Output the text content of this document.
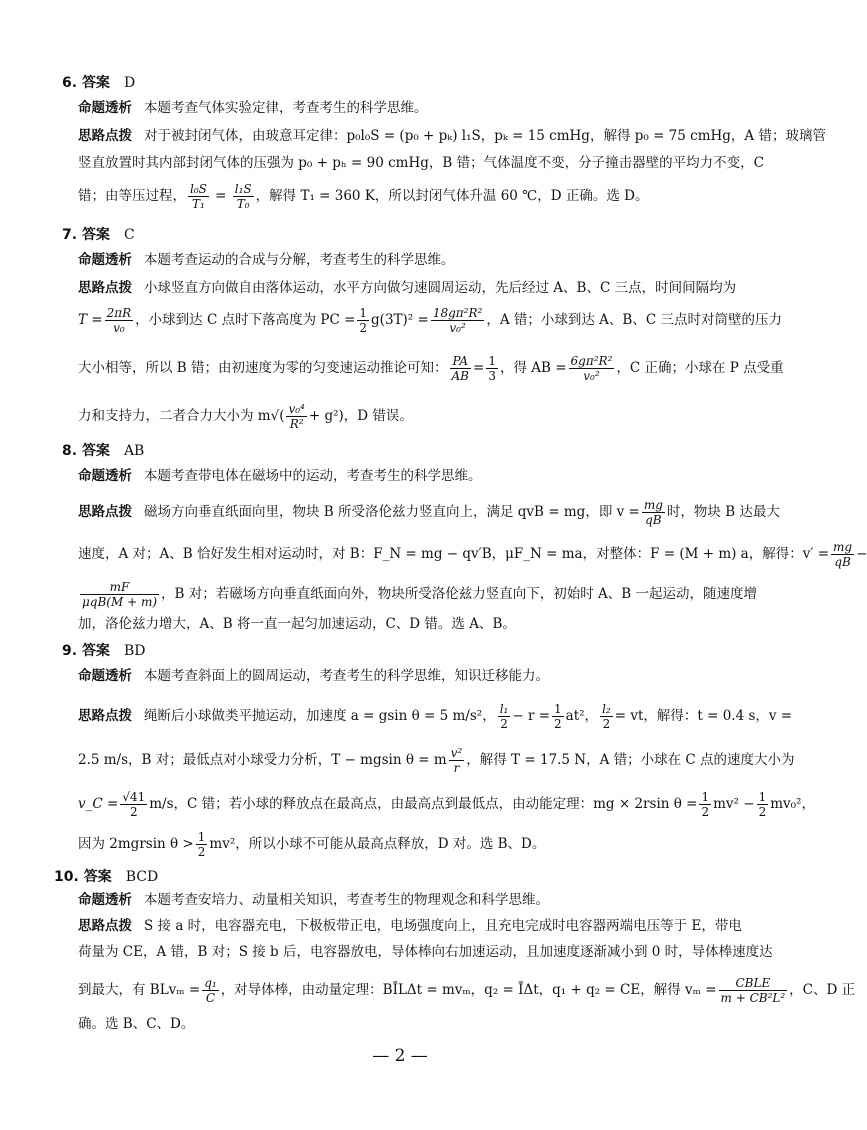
6. 答案 D
命题透析 本题考查气体实验定律，考查考生的科学思维。
思路点拨 对于被封闭气体，由玻意耳定律：p₀l₀S = (p₀ + pₖ) l₁S，pₖ = 15 cmHg，解得 p₀ = 75 cmHg，A 错；玻璃管
竖直放置时其内部封闭气体的压强为 p₀ + pₕ = 90 cmHg，B 错；气体温度不变，分子撞击器壁的平均力不变，C
错；由等压过程， $\frac{\text{l₀S}}{\text{T₁}} = \frac{\text{l₁S}}{\text{T₀}}$ ，解得 T₁ = 360 K，所以封闭气体升温 60 ℃，D 正确。选 D。
7. 答案 C
命题透析 本题考查运动的合成与分解，考查考生的科学思维。
思路点拨 小球竖直方向做自由落体运动，水平方向做匀速圆周运动，先后经过 A、B、C 三点，时间间隔均为
$T = \frac{2\pi R}{\text{v₀}}$ ，小球到达 C 点时下落高度为 PC = $\frac{1}{2} g(3T)^2 = \frac{\text{18gπ²R²}}{\text{v₀²}}$ ，A 错；小球到达 A、B、C 三点时对筒壁的压力
大小相等，所以 B 错；由初速度为零的匀变速运动推论可知： $\frac{PA}{AB} = \frac{1}{3}$ ，得 AB = $\frac{\text{6gπ²R²}}{\text{v₀²}}$ ，C 正确；小球在 P 点受重
力和支持力，二者合力大小为 $m√( \frac{\text{v₀⁴}}{\text{R²}} + g^2)$，D 错误。
8. 答案 AB
命题透析 本题考查带电体在磁场中的运动，考查考生的科学思维。
思路点拨 磁场方向垂直纸面向里，物块 B 所受洛伦兹力竖直向上，满足 qvB = mg，即 $v = \frac{mg}{qB}$ 时，物块 B 达最大
速度，A 对；A、B 恰好发生相对运动时，对 B：F_N = mg − qv′B，μF_N = ma，对整体：F = (M + m) a，解得：$v' = \frac{mg}{qB}$ −
$\frac{mF}{\text{μqB(M + m)}}$ ，B 对；若磁场方向垂直纸面向外，物块所受洛伦兹力竖直向下，初始时 A、B 一起运动，随速度增
加，洛伦兹力增大，A、B 将一直一起匀加速运动，C、D 错。选 A、B。
9. 答案 BD
命题透析 本题考查斜面上的圆周运动，考查考生的科学思维，知识迁移能力。
思路点拨 绳断后小球做类平抛运动，加速度 a = gsin θ = 5 m/s²， $\frac{\text{l₁}}{2} - r = \frac{1}{2} at^2$， $\frac{\text{l₂}}{2}$ = vt，解得：t = 0.4 s，v =
2.5 m/s，B 对；最低点对小球受力分析，T − mgsin θ = m $\frac{\text{v²}}{r}$ ，解得 T = 17.5 N，A 错；小球在 C 点的速度大小为
v_C = $\frac{√41}{2} m/s$，C 错；若小球的释放点在最高点，由最高点到最低点，由动能定理：mg × 2rsin $\theta = \frac{1}{2} mv^2 - \frac{1}{2} mv_0^2$，
因为 2mgrsin $\theta > \frac{1}{2} mv^2$，所以小球不可能从最高点释放，D 对。选 B、D。
10. 答案 BCD
命题透析 本题考查安培力、动量相关知识，考查考生的物理观念和科学思维。
思路点拨 S 接 a 时，电容器充电，下极板带正电，电场强度向上，且充电完成时电容器两端电压等于 E，带电
荷量为 CE，A 错，B 对；S 接 b 后，电容器放电，导体棒向右加速运动，且加速度逐渐减小到 0 时，导体棒速度达
到最大，有 $BLv_m = \frac{\text{q₁}}{C}$ ，对导体棒，由动量定理：BĪLΔt = mvₘ，q₂ = ĪΔt，q₁ + q₂ = CE，解得 $v_m = \frac{\text{CBLE}}{\text{m + CB²L²}}$ ，C、D 正
确。选 B、C、D。
— 2 —
